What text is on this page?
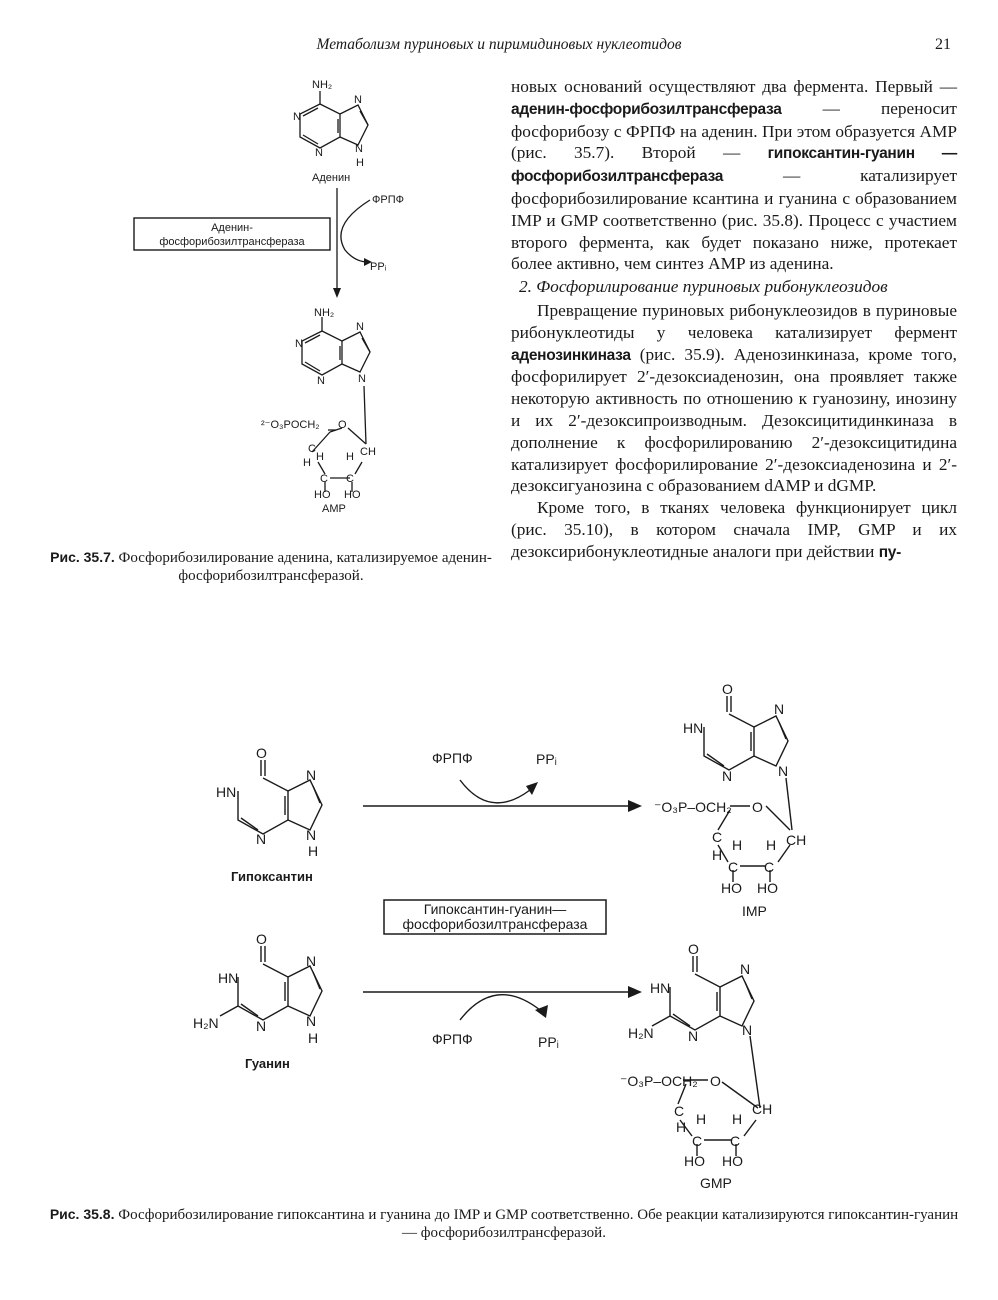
Метаболизм пуриновых и пиримидиновых нуклеотидов	21

новых оснований осуществляют два фермента. Первый — аденин-фосфорибозилтрансфераза — переносит фосфорибозу с ФРПФ на аденин. При этом образуется AMP (рис. 35.7). Второй — гипоксантин-гуанин — фосфорибозилтрансфераза — катализирует фосфорибозилирование ксантина и гуанина с образованием IMP и GMP соответственно (рис. 35.8). Процесс с участием второго фермента, как будет показано ниже, протекает более активно, чем синтез AMP из аденина.

2. Фосфорилирование пуриновых рибонуклеозидов

Превращение пуриновых рибонуклеозидов в пуриновые рибонуклеотиды у человека катализирует фермент аденозинкиназа (рис. 35.9). Аденозинкиназа, кроме того, фосфорилирует 2′-дезоксиаденозин, она проявляет также некоторую активность по отношению к гуанозину, инозину и их 2′-дезоксипроизводным. Дезоксицитидинкиназа в дополнение к фосфорилированию 2′-дезоксицитидина катализирует фосфорилирование 2′-дезоксиаденозина и 2′-дезоксигуанозина с образованием dAMP и dGMP.

Кроме того, в тканях человека функционирует цикл (рис. 35.10), в котором сначала IMP, GMP и их дезоксирибонуклеотидные аналоги при действии пу-

NH₂
N
N
N
N
H
Аденин
ФРПФ
PPᵢ
Аденин-
фосфорибозилтрансфераза
NH₂
N
N
N
N
²⁻O₃POCH₂ O
CH
C
H
H	H
C C
HO HO
AMP
Рис. 35.7. Фосфорибозилирование аденина, катализируемое аденин-фосфорибозилтрансферазой.
O
HN
N
N
N
H
Гипоксантин
ФРПФ	PPᵢ
Гипоксантин-гуанин—
фосфорибозилтрансфераза
O
HN
N
N
N
⁻O₃P–OCH₂ O
CH
C H
H
H
C C
HO HO
IMP
O
HN
H₂N	N
N
N
H
Гуанин
ФРПФ	PPᵢ
O
HN
H₂N N
N
N
⁻O₃P–OCH₂ O
CH
C H
H	H
C C
HO HO
GMP
Рис. 35.8. Фосфорибозилирование гипоксантина и гуанина до IMP и GMP соответственно. Обе реакции катализируются гипоксантин-гуанин— фосфорибозилтрансферазой.
